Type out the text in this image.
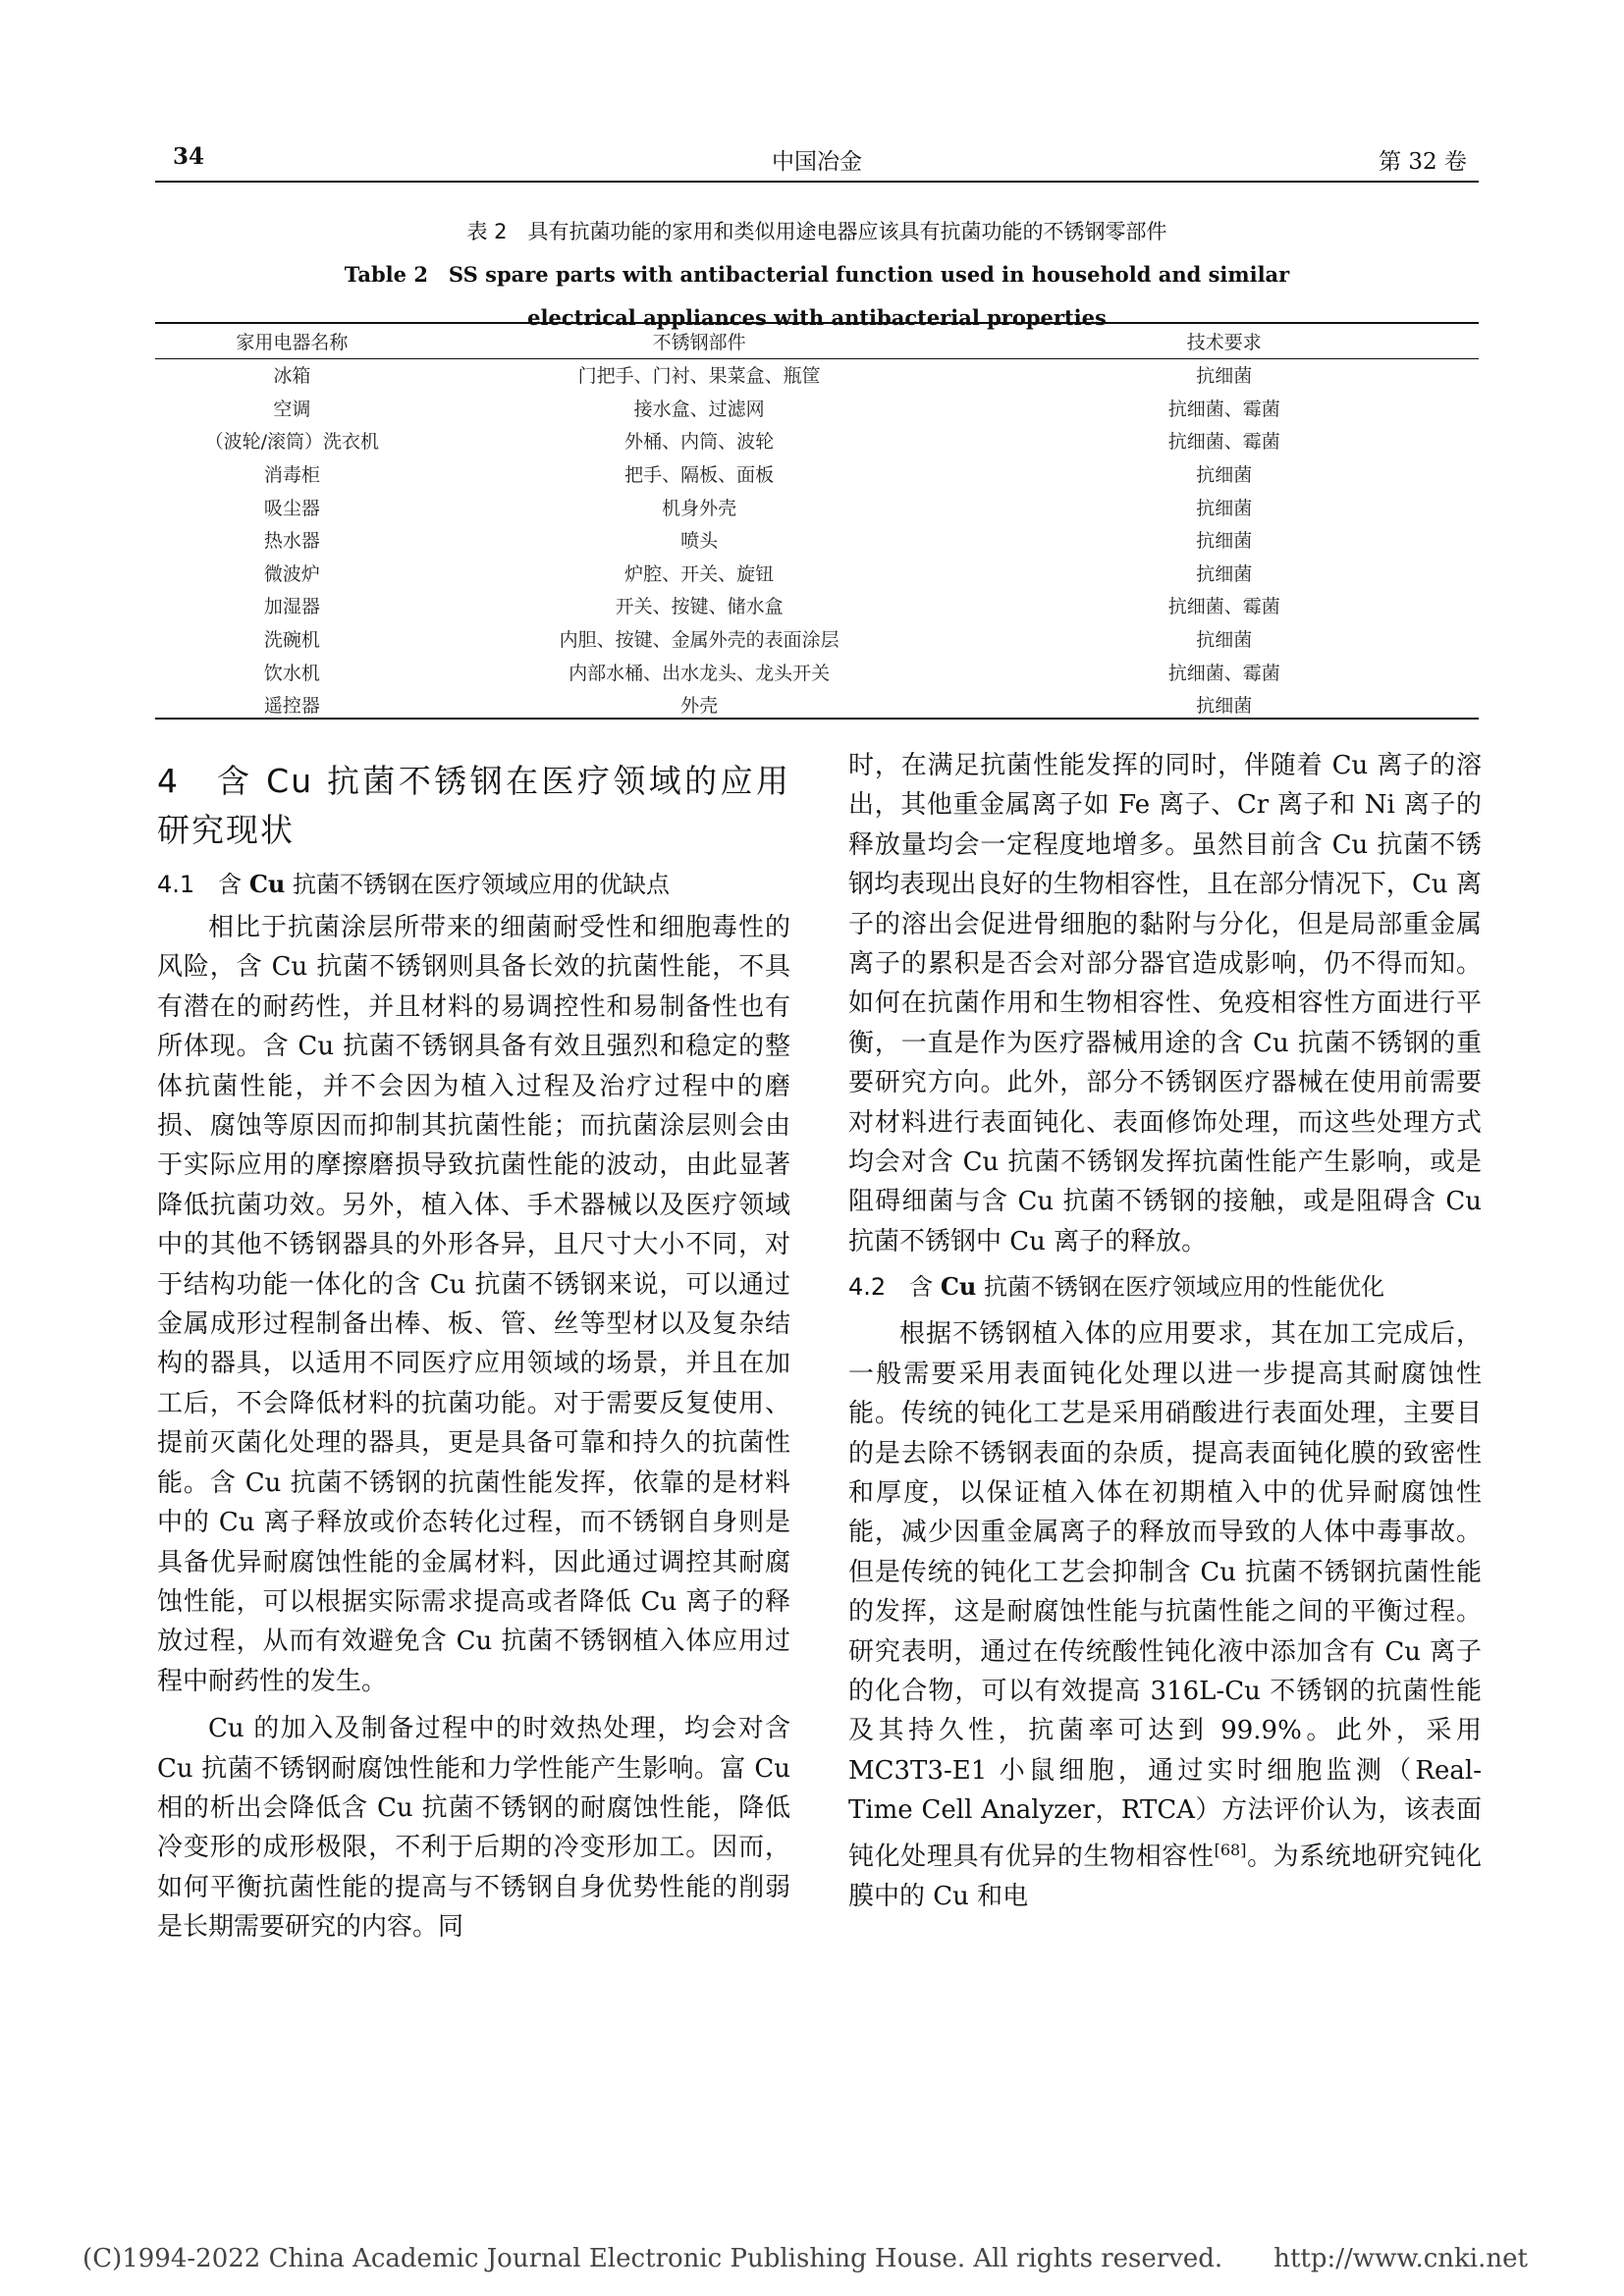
34	中国冶金	第 32 卷
表 2　具有抗菌功能的家用和类似用途电器应该具有抗菌功能的不锈钢零部件
Table 2　SS spare parts with antibacterial function used in household and similar
electrical appliances with antibacterial properties
家用电器名称	不锈钢部件	技术要求
冰箱	门把手、门衬、果菜盒、瓶筐	抗细菌
空调	接水盒、过滤网	抗细菌、霉菌
（波轮/滚筒）洗衣机	外桶、内筒、波轮	抗细菌、霉菌
消毒柜	把手、隔板、面板	抗细菌
吸尘器	机身外壳	抗细菌
热水器	喷头	抗细菌
微波炉	炉腔、开关、旋钮	抗细菌
加湿器	开关、按键、储水盒	抗细菌、霉菌
洗碗机	内胆、按键、金属外壳的表面涂层	抗细菌
饮水机	内部水桶、出水龙头、龙头开关	抗细菌、霉菌
遥控器	外壳	抗细菌
4　含 Cu 抗菌不锈钢在医疗领域的应用研究现状
4.1　 含 Cu 抗菌不锈钢在医疗领域应用的优缺点

相比于抗菌涂层所带来的细菌耐受性和细胞毒性的风险，含 Cu 抗菌不锈钢则具备长效的抗菌性能，不具有潜在的耐药性，并且材料的易调控性和易制备性也有所体现。含 Cu 抗菌不锈钢具备有效且强烈和稳定的整体抗菌性能，并不会因为植入过程及治疗过程中的磨损、腐蚀等原因而抑制其抗菌性能；而抗菌涂层则会由于实际应用的摩擦磨损导致抗菌性能的波动，由此显著降低抗菌功效。另外，植入体、手术器械以及医疗领域中的其他不锈钢器具的外形各异，且尺寸大小不同，对于结构功能一体化的含 Cu 抗菌不锈钢来说，可以通过金属成形过程制备出棒、板、管、丝等型材以及复杂结构的器具，以适用不同医疗应用领域的场景，并且在加工后，不会降低材料的抗菌功能。对于需要反复使用、提前灭菌化处理的器具，更是具备可靠和持久的抗菌性能。含 Cu 抗菌不锈钢的抗菌性能发挥，依靠的是材料中的 Cu 离子释放或价态转化过程，而不锈钢自身则是具备优异耐腐蚀性能的金属材料，因此通过调控其耐腐蚀性能，可以根据实际需求提高或者降低 Cu 离子的释放过程，从而有效避免含 Cu 抗菌不锈钢植入体应用过程中耐药性的发生。

Cu 的加入及制备过程中的时效热处理，均会对含 Cu 抗菌不锈钢耐腐蚀性能和力学性能产生影响。富 Cu 相的析出会降低含 Cu 抗菌不锈钢的耐腐蚀性能，降低冷变形的成形极限，不利于后期的冷变形加工。因而，如何平衡抗菌性能的提高与不锈钢自身优势性能的削弱是长期需要研究的内容。同

时，在满足抗菌性能发挥的同时，伴随着 Cu 离子的溶出，其他重金属离子如 Fe 离子、Cr 离子和 Ni 离子的释放量均会一定程度地增多。虽然目前含 Cu 抗菌不锈钢均表现出良好的生物相容性，且在部分情况下，Cu 离子的溶出会促进骨细胞的黏附与分化，但是局部重金属离子的累积是否会对部分器官造成影响，仍不得而知。如何在抗菌作用和生物相容性、免疫相容性方面进行平衡，一直是作为医疗器械用途的含 Cu 抗菌不锈钢的重要研究方向。此外，部分不锈钢医疗器械在使用前需要对材料进行表面钝化、表面修饰处理，而这些处理方式均会对含 Cu 抗菌不锈钢发挥抗菌性能产生影响，或是阻碍细菌与含 Cu 抗菌不锈钢的接触，或是阻碍含 Cu 抗菌不锈钢中 Cu 离子的释放。

4.2　 含 Cu 抗菌不锈钢在医疗领域应用的性能优化

根据不锈钢植入体的应用要求，其在加工完成后，一般需要采用表面钝化处理以进一步提高其耐腐蚀性能。传统的钝化工艺是采用硝酸进行表面处理，主要目的是去除不锈钢表面的杂质，提高表面钝化膜的致密性和厚度，以保证植入体在初期植入中的优异耐腐蚀性能，减少因重金属离子的释放而导致的人体中毒事故。但是传统的钝化工艺会抑制含 Cu 抗菌不锈钢抗菌性能的发挥，这是耐腐蚀性能与抗菌性能之间的平衡过程。研究表明，通过在传统酸性钝化液中添加含有 Cu 离子的化合物，可以有效提高 316L-Cu 不锈钢的抗菌性能及其持久性，抗菌率可达到 99.9%。此外，采用 MC3T3-E1 小鼠细胞，通过实时细胞监测（Real-Time Cell Analyzer，RTCA）方法评价认为，该表面钝化处理具有优异的生物相容性[68]。为系统地研究钝化膜中的 Cu 和电

(C)1994-2022 China Academic Journal Electronic Publishing House. All rights reserved.　　http://www.cnki.net
